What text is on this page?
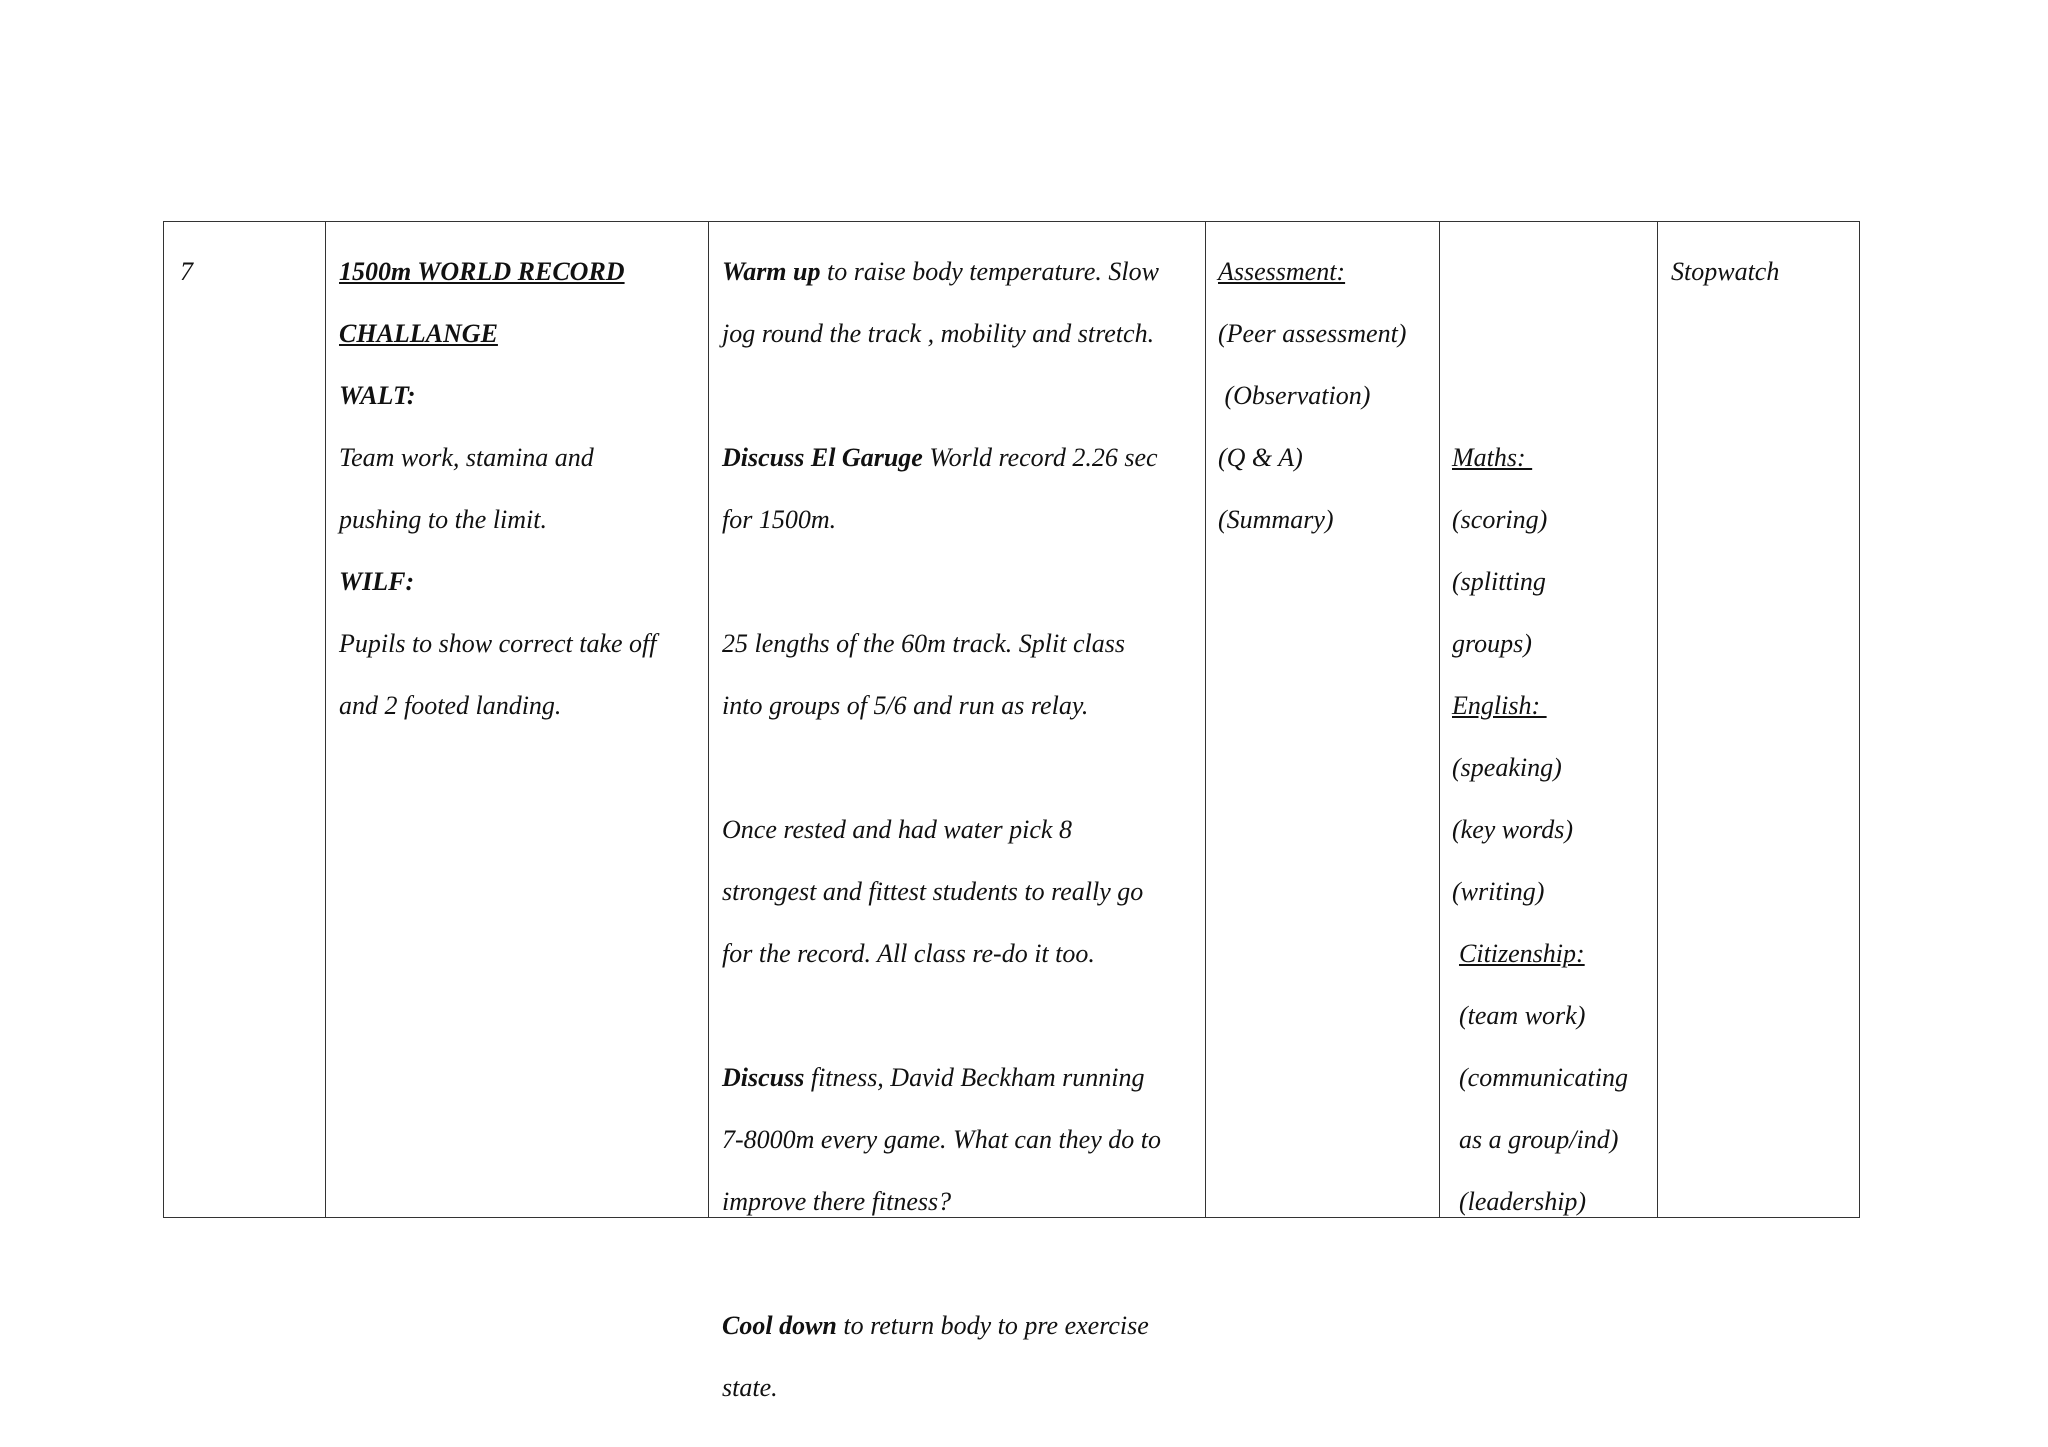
7	1500m WORLD RECORD

CHALLANGE

WALT:

Team work, stamina and

pushing to the limit.

WILF:

Pupils to show correct take off

and 2 footed landing.

Warm up to raise body temperature. Slow

jog round the track , mobility and stretch.

Discuss El Garuge World record 2.26 sec

for 1500m.

25 lengths of the 60m track. Split class

into groups of 5/6 and run as relay.

Once rested and had water pick 8

strongest and fittest students to really go

for the record. All class re-do it too.

Discuss fitness, David Beckham running

7-8000m every game. What can they do to

improve there fitness?

Cool down to return body to pre exercise

state.

Assessment:

(Peer assessment)

(Observation)

(Q & A)

(Summary)

Maths:

(scoring)

(splitting

groups)

English:

(speaking)

(key words)

(writing)

Citizenship:

(team work)

(communicating

as a group/ind)

(leadership)

Stopwatch
